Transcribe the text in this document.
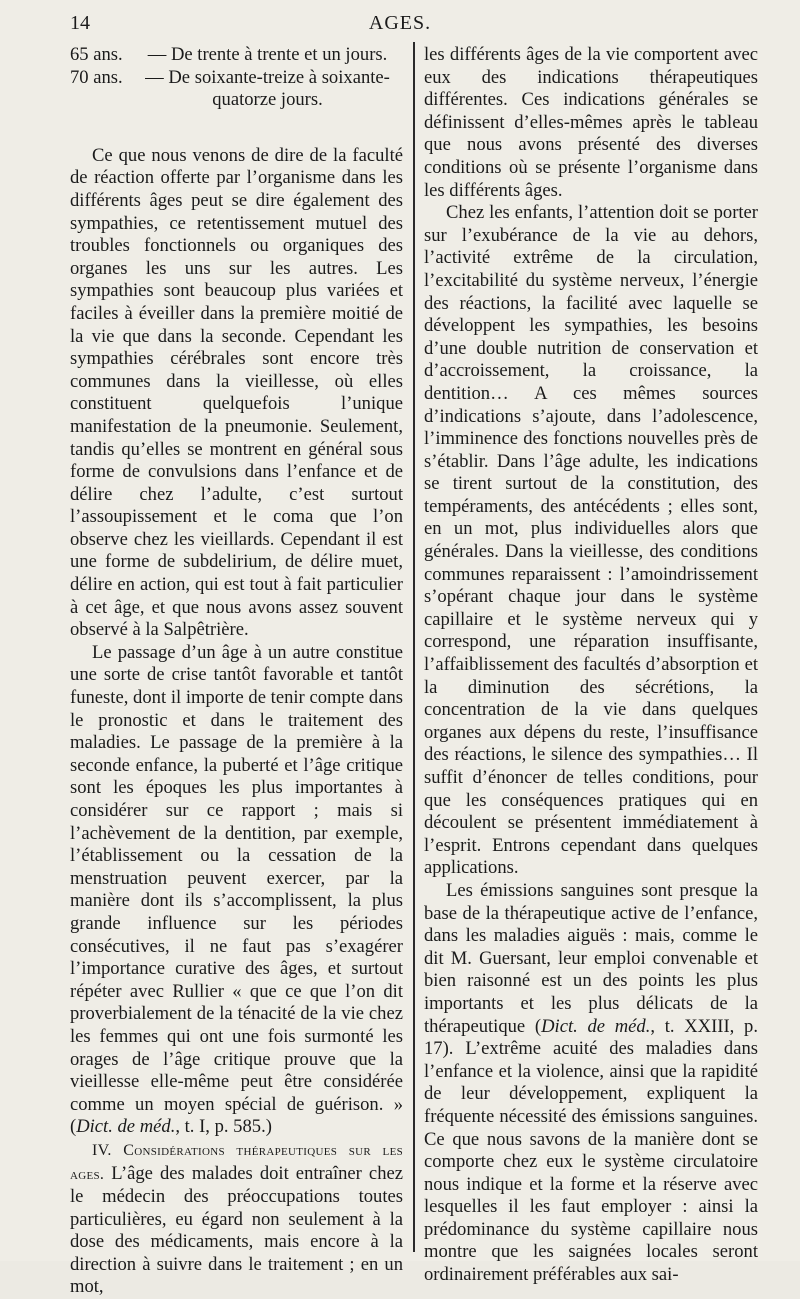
14	AGES.
65 ans.	— De trente à trente et un jours.
70 ans.	— De soixante-treize à soixante-quatorze jours.

Ce que nous venons de dire de la faculté de réaction offerte par l’organisme dans les différents âges peut se dire également des sympathies, ce retentissement mutuel des troubles fonctionnels ou organiques des organes les uns sur les autres. Les sympathies sont beaucoup plus variées et faciles à éveiller dans la première moitié de la vie que dans la seconde. Cependant les sympathies cérébrales sont encore très communes dans la vieillesse, où elles constituent quelquefois l’unique manifestation de la pneumonie. Seulement, tandis qu’elles se montrent en général sous forme de convulsions dans l’enfance et de délire chez l’adulte, c’est surtout l’assoupissement et le coma que l’on observe chez les vieillards. Cependant il est une forme de subdelirium, de délire muet, délire en action, qui est tout à fait particulier à cet âge, et que nous avons assez souvent observé à la Salpêtrière.

Le passage d’un âge à un autre constitue une sorte de crise tantôt favorable et tantôt funeste, dont il importe de tenir compte dans le pronostic et dans le traitement des maladies. Le passage de la première à la seconde enfance, la puberté et l’âge critique sont les époques les plus importantes à considérer sur ce rapport ; mais si l’achèvement de la dentition, par exemple, l’établissement ou la cessation de la menstruation peuvent exercer, par la manière dont ils s’accomplissent, la plus grande influence sur les périodes consécutives, il ne faut pas s’exagérer l’importance curative des âges, et surtout répéter avec Rullier « que ce que l’on dit proverbialement de la ténacité de la vie chez les femmes qui ont une fois surmonté les orages de l’âge critique prouve que la vieillesse elle-même peut être considérée comme un moyen spécial de guérison. » (Dict. de méd., t. I, p. 585.)

IV. Considérations thérapeutiques sur les ages. L’âge des malades doit entraîner chez le médecin des préoccupations toutes particulières, eu égard non seulement à la dose des médicaments, mais encore à la direction à suivre dans le traitement ; en un mot,

les différents âges de la vie comportent avec eux des indications thérapeutiques différentes. Ces indications générales se définissent d’elles-mêmes après le tableau que nous avons présenté des diverses conditions où se présente l’organisme dans les différents âges.

Chez les enfants, l’attention doit se porter sur l’exubérance de la vie au dehors, l’activité extrême de la circulation, l’excitabilité du système nerveux, l’énergie des réactions, la facilité avec laquelle se développent les sympathies, les besoins d’une double nutrition de conservation et d’accroissement, la croissance, la dentition… A ces mêmes sources d’indications s’ajoute, dans l’adolescence, l’imminence des fonctions nouvelles près de s’établir. Dans l’âge adulte, les indications se tirent surtout de la constitution, des tempéraments, des antécédents ; elles sont, en un mot, plus individuelles alors que générales. Dans la vieillesse, des conditions communes reparaissent : l’amoindrissement s’opérant chaque jour dans le système capillaire et le système nerveux qui y correspond, une réparation insuffisante, l’affaiblissement des facultés d’absorption et la diminution des sécrétions, la concentration de la vie dans quelques organes aux dépens du reste, l’insuffisance des réactions, le silence des sympathies… Il suffit d’énoncer de telles conditions, pour que les conséquences pratiques qui en découlent se présentent immédiatement à l’esprit. Entrons cependant dans quelques applications.

Les émissions sanguines sont presque la base de la thérapeutique active de l’enfance, dans les maladies aiguës : mais, comme le dit M. Guersant, leur emploi convenable et bien raisonné est un des points les plus importants et les plus délicats de la thérapeutique (Dict. de méd., t. XXIII, p. 17). L’extrême acuité des maladies dans l’enfance et la violence, ainsi que la rapidité de leur développement, expliquent la fréquente nécessité des émissions sanguines. Ce que nous savons de la manière dont se comporte chez eux le système circulatoire nous indique et la forme et la réserve avec lesquelles il les faut employer : ainsi la prédominance du système capillaire nous montre que les saignées locales seront ordinairement préférables aux sai-
